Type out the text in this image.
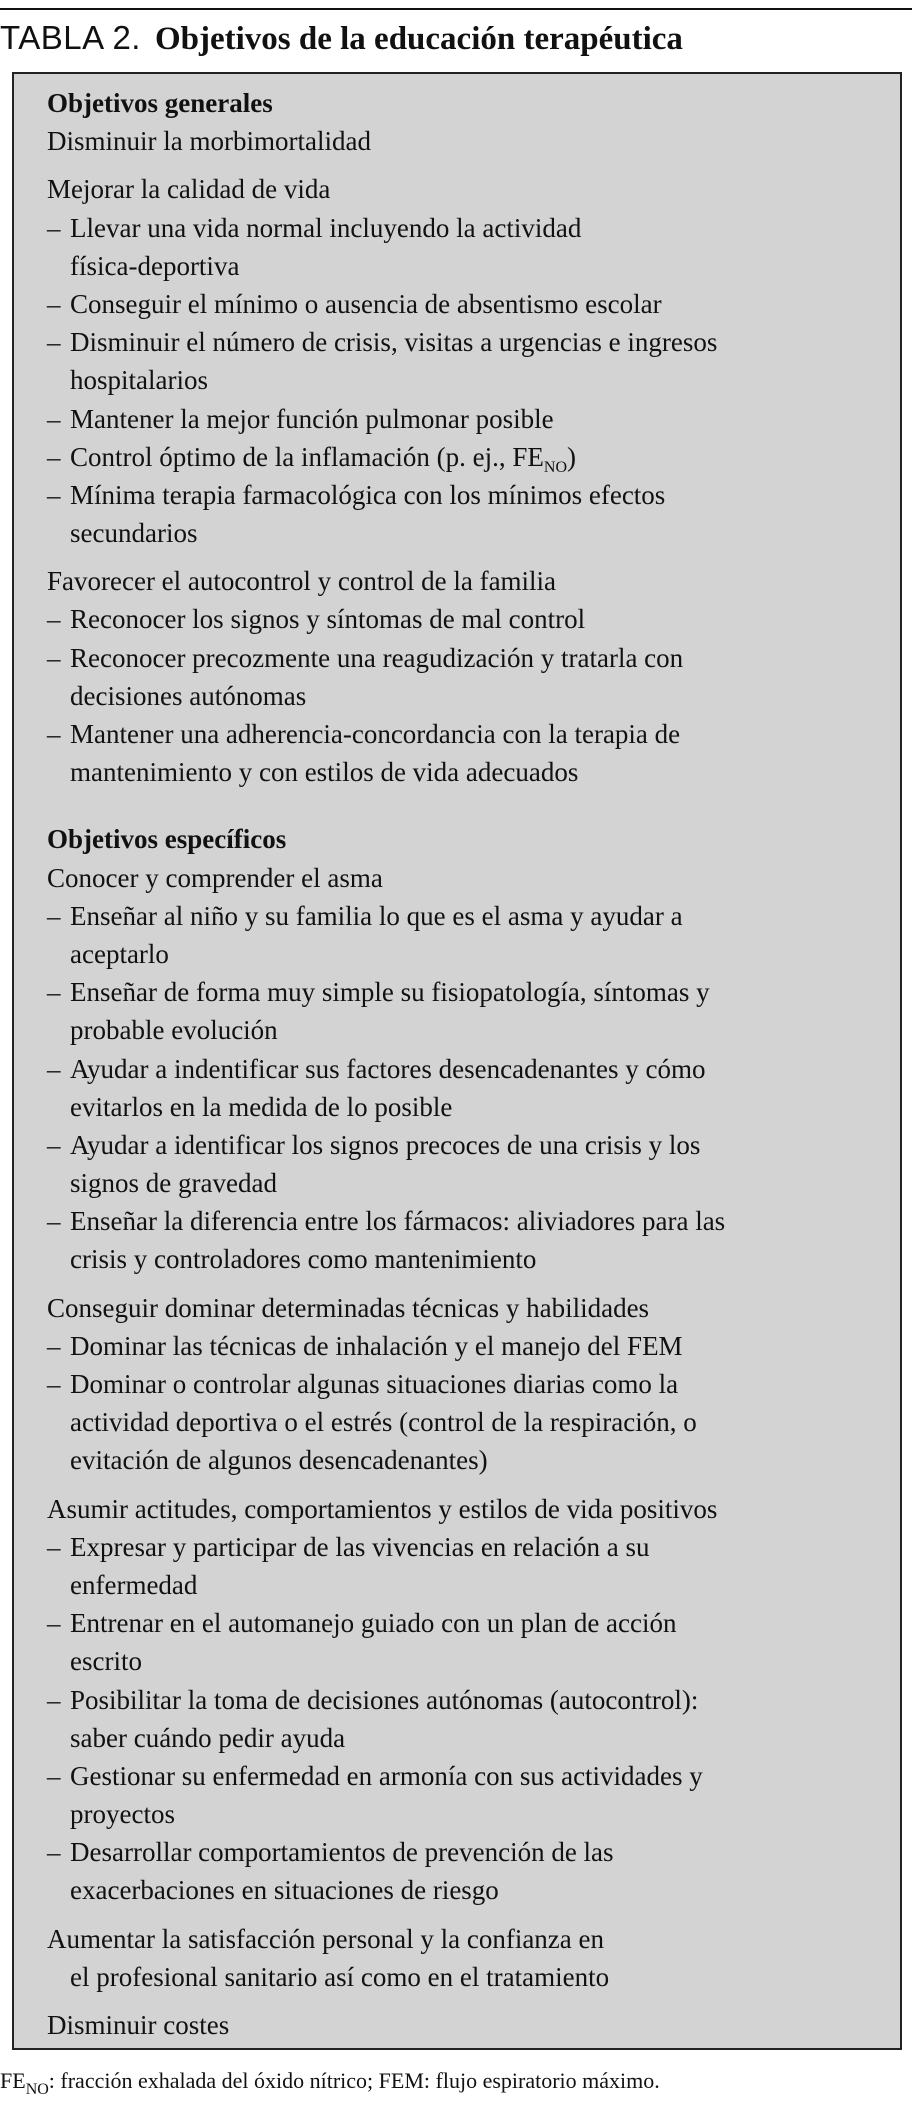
TABLA 2. Objetivos de la educación terapéutica
Objetivos generales
Disminuir la morbimortalidad
Mejorar la calidad de vida
– Llevar una vida normal incluyendo la actividad
física-deportiva
– Conseguir el mínimo o ausencia de absentismo escolar
– Disminuir el número de crisis, visitas a urgencias e ingresos
hospitalarios
– Mantener la mejor función pulmonar posible
– Control óptimo de la inflamación (p. ej., $FE_{NO}$)
– Mínima terapia farmacológica con los mínimos efectos
secundarios
Favorecer el autocontrol y control de la familia
– Reconocer los signos y síntomas de mal control
– Reconocer precozmente una reagudización y tratarla con
decisiones autónomas
– Mantener una adherencia-concordancia con la terapia de
mantenimiento y con estilos de vida adecuados
Objetivos específicos
Conocer y comprender el asma
– Enseñar al niño y su familia lo que es el asma y ayudar a
aceptarlo
– Enseñar de forma muy simple su fisiopatología, síntomas y
probable evolución
– Ayudar a indentificar sus factores desencadenantes y cómo
evitarlos en la medida de lo posible
– Ayudar a identificar los signos precoces de una crisis y los
signos de gravedad
– Enseñar la diferencia entre los fármacos: aliviadores para las
crisis y controladores como mantenimiento
Conseguir dominar determinadas técnicas y habilidades
– Dominar las técnicas de inhalación y el manejo del FEM
– Dominar o controlar algunas situaciones diarias como la
actividad deportiva o el estrés (control de la respiración, o
evitación de algunos desencadenantes)
Asumir actitudes, comportamientos y estilos de vida positivos
– Expresar y participar de las vivencias en relación a su
enfermedad
– Entrenar en el automanejo guiado con un plan de acción
escrito
– Posibilitar la toma de decisiones autónomas (autocontrol):
saber cuándo pedir ayuda
– Gestionar su enfermedad en armonía con sus actividades y
proyectos
– Desarrollar comportamientos de prevención de las
exacerbaciones en situaciones de riesgo
Aumentar la satisfacción personal y la confianza en
el profesional sanitario así como en el tratamiento
Disminuir costes
$FE_{NO}$: fracción exhalada del óxido nítrico; FEM: flujo espiratorio máximo.
